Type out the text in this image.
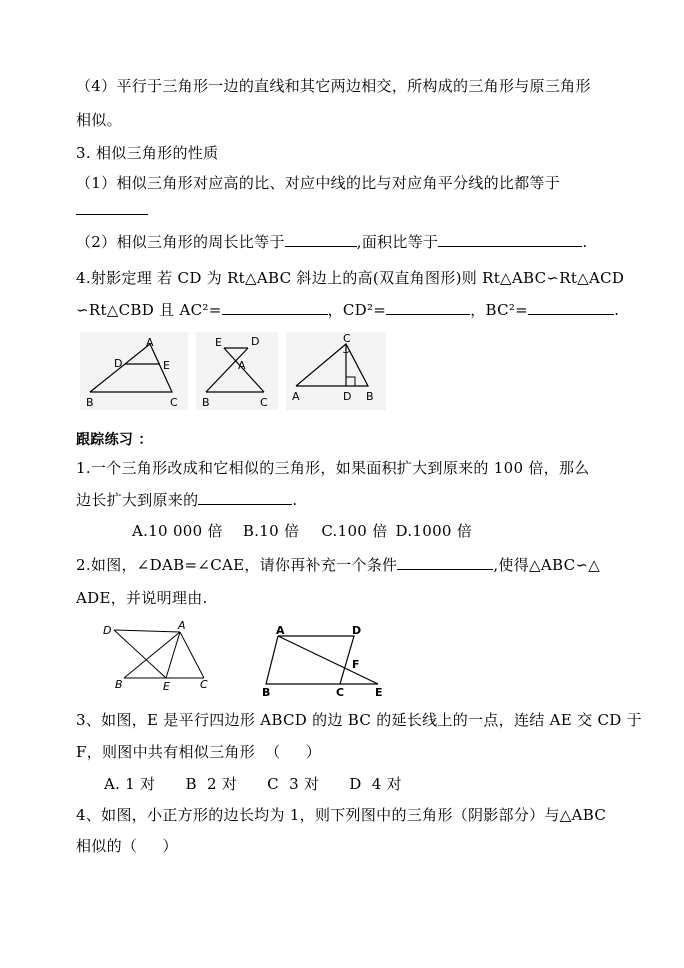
（4）平行于三角形一边的直线和其它两边相交，所构成的三角形与原三角形
相似。
3. 相似三角形的性质
（1）相似三角形对应高的比、对应中线的比与对应角平分线的比都等于
（2）相似三角形的周长比等于	,面积比等于	.
4.射影定理 若 CD 为 Rt△ABC 斜边上的高(双直角图形)则 Rt△ABC∽Rt△ACD
∽Rt△CBD 且 AC²=	，CD²=	，BC²=	.
A
D	E
B	C
E	D
A
B	C
C
A	D B
跟踪练习 ：
1.一个三角形改成和它相似的三角形，如果面积扩大到原来的 100 倍，那么
边长扩大到原来的	.
A.10 000 倍 B.10 倍 C.100 倍 D.1000 倍
2.如图，∠DAB=∠CAE，请你再补充一个条件	,使得△ABC∽△
ADE，并说明理由.
D	A
B	E	C
A	D
F
B	C	E
3、如图，E 是平行四边形 ABCD 的边 BC 的延长线上的一点，连结 AE 交 CD 于
F，则图中共有相似三角形  （     ）
A. 1 对 B  2 对 C  3 对 D  4 对
4、如图，小正方形的边长均为 1，则下列图中的三角形（阴影部分）与△ABC
相似的（     ）
